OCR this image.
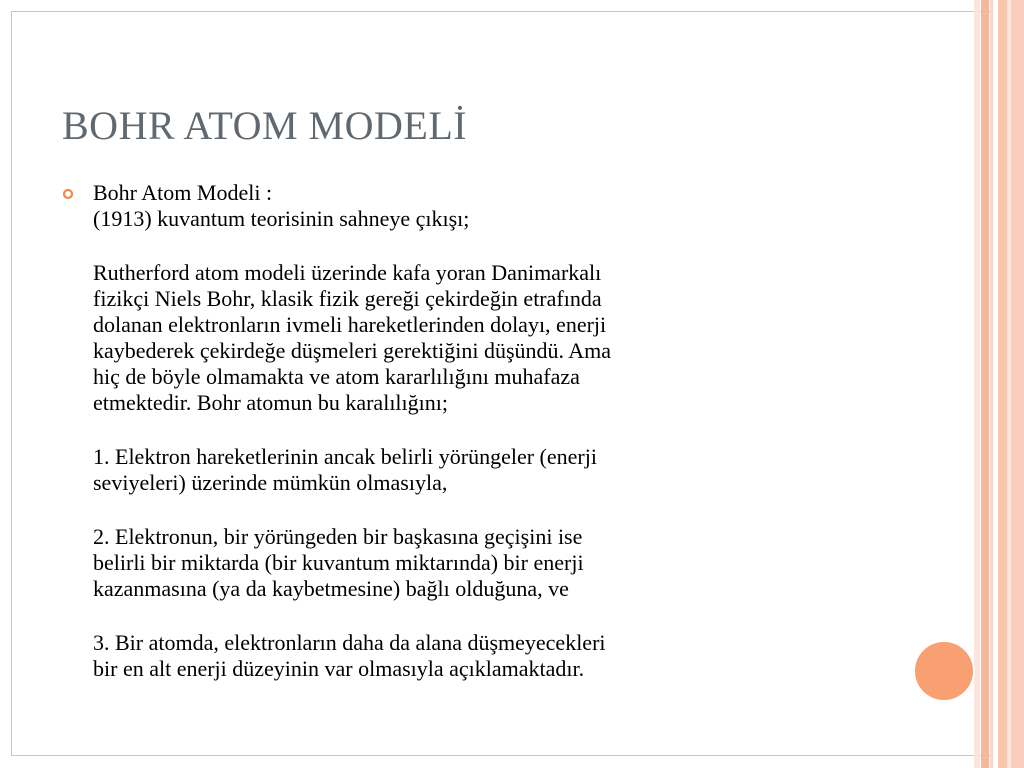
BOHR ATOM MODELİ
Bohr Atom Modeli :
(1913) kuvantum teorisinin sahneye çıkışı;
Rutherford atom modeli üzerinde kafa yoran Danimarkalı
fizikçi Niels Bohr, klasik fizik gereği çekirdeğin etrafında
dolanan elektronların ivmeli hareketlerinden dolayı, enerji
kaybederek çekirdeğe düşmeleri gerektiğini düşündü. Ama
hiç de böyle olmamakta ve atom kararlılığını muhafaza
etmektedir. Bohr atomun bu karalılığını;
1. Elektron hareketlerinin ancak belirli yörüngeler (enerji
seviyeleri) üzerinde mümkün olmasıyla,
2. Elektronun, bir yörüngeden bir başkasına geçişini ise
belirli bir miktarda (bir kuvantum miktarında) bir enerji
kazanmasına (ya da kaybetmesine) bağlı olduğuna, ve
3. Bir atomda, elektronların daha da alana düşmeyecekleri
bir en alt enerji düzeyinin var olmasıyla açıklamaktadır.
